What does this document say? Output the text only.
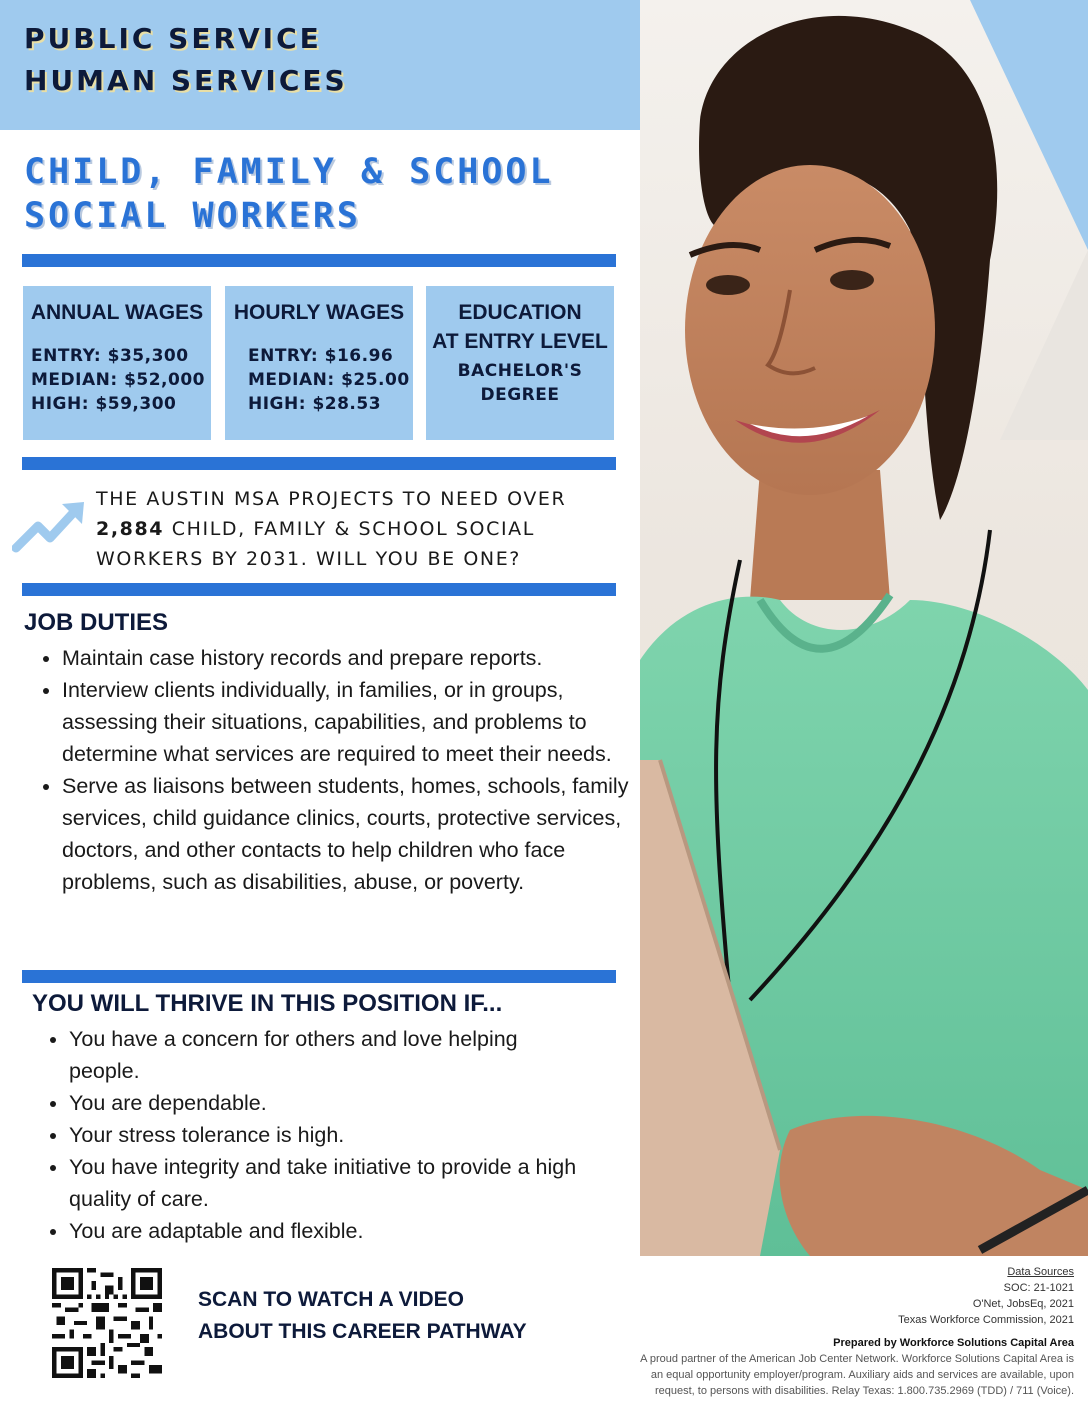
PUBLIC SERVICE
HUMAN SERVICES
CHILD, FAMILY & SCHOOL
SOCIAL WORKERS
ANNUAL WAGES
ENTRY: $35,300
MEDIAN: $52,000
HIGH: $59,300
HOURLY WAGES
ENTRY: $16.96
MEDIAN: $25.00
HIGH: $28.53
EDUCATION
AT ENTRY LEVEL
BACHELOR'S
DEGREE
THE AUSTIN MSA PROJECTS TO NEED OVER
2,884 CHILD, FAMILY & SCHOOL SOCIAL
WORKERS BY 2031. WILL YOU BE ONE?
JOB DUTIES
• Maintain case history records and prepare reports.
• Interview clients individually, in families, or in groups, assessing their situations, capabilities, and problems to determine what services are required to meet their needs.
• Serve as liaisons between students, homes, schools, family services, child guidance clinics, courts, protective services, doctors, and other contacts to help children who face problems, such as disabilities, abuse, or poverty.
YOU WILL THRIVE IN THIS POSITION IF...
• You have a concern for others and love helping people.
• You are dependable.
• Your stress tolerance is high.
• You have integrity and take initiative to provide a high quality of care.
• You are adaptable and flexible.
SCAN TO WATCH A VIDEO
ABOUT THIS CAREER PATHWAY
Data Sources
SOC: 21-1021
O'Net, JobsEq, 2021
Texas Workforce Commission, 2021
Prepared by Workforce Solutions Capital Area
A proud partner of the American Job Center Network. Workforce Solutions Capital Area is
an equal opportunity employer/program. Auxiliary aids and services are available, upon
request, to persons with disabilities. Relay Texas: 1.800.735.2969 (TDD) / 711 (Voice).
